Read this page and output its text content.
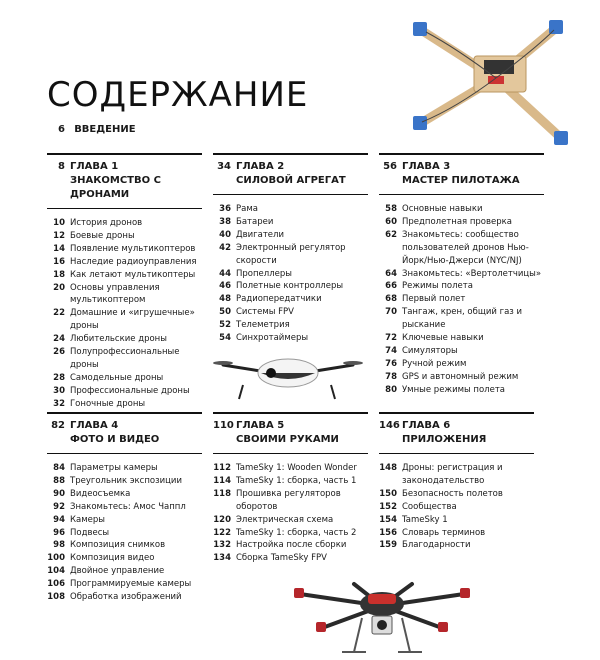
СОДЕРЖАНИЕ
6 ВВЕДЕНИЕ
8 ГЛАВА 1
ЗНАКОМСТВО С ДРОНАМИ
10 История дронов
12 Боевые дроны
14 Появление мультикоптеров
16 Наследие радиоуправления
18 Как летают мультикоптеры
20 Основы управления мультикоптером
22 Домашние и «игрушечные» дроны
24 Любительские дроны
26 Полупрофессиональные дроны
28 Самодельные дроны
30 Профессиональные дроны
32 Гоночные дроны
34 ГЛАВА 2
СИЛОВОЙ АГРЕГАТ
36 Рама
38 Батареи
40 Двигатели
42 Электронный регулятор скорости
44 Пропеллеры
46 Полетные контроллеры
48 Радиопередатчики
50 Системы FPV
52 Телеметрия
54 Синхротаймеры
56 ГЛАВА 3
МАСТЕР ПИЛОТАЖА
58 Основные навыки
60 Предполетная проверка
62 Знакомьтесь: сообщество пользователей дронов Нью-Йорк/Нью-Джерси (NYC/NJ)
64 Знакомьтесь: «Вертолетчицы»
66 Режимы полета
68 Первый полет
70 Тангаж, крен, общий газ и рыскание
72 Ключевые навыки
74 Симуляторы
76 Ручной режим
78 GPS и автономный режим
80 Умные режимы полета
82 ГЛАВА 4
ФОТО И ВИДЕО
84 Параметры камеры
88 Треугольник экспозиции
90 Видеосъемка
92 Знакомьтесь: Амос Чаппл
94 Камеры
96 Подвесы
98 Композиция снимков
100 Композиция видео
104 Двойное управление
106 Программируемые камеры
108 Обработка изображений
110 ГЛАВА 5
СВОИМИ РУКАМИ
112 TameSky 1: Wooden Wonder
114 TameSky 1: сборка, часть 1
118 Прошивка регуляторов оборотов
120 Электрическая схема
122 TameSky 1: сборка, часть 2
132 Настройка после сборки
134 Сборка TameSky FPV
146 ГЛАВА 6
ПРИЛОЖЕНИЯ
148 Дроны: регистрация и законодательство
150 Безопасность полетов
152 Сообщества
154 TameSky 1
156 Словарь терминов
159 Благодарности
